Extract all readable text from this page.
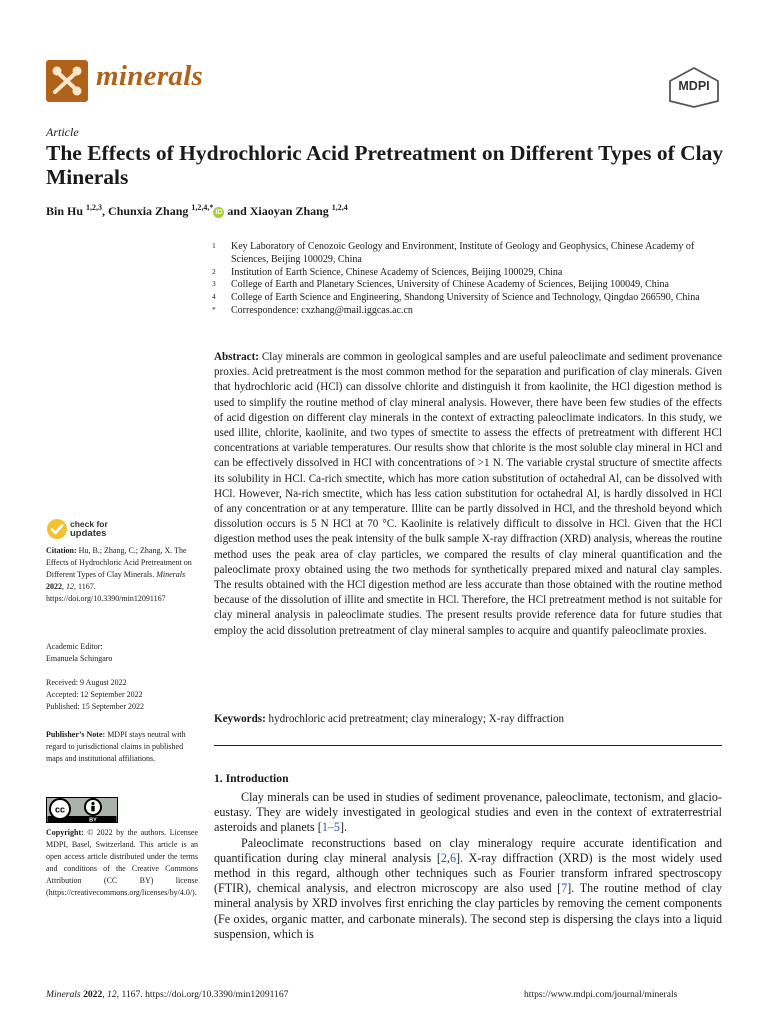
minerals	MDPI
Article
The Effects of Hydrochloric Acid Pretreatment on Different Types of Clay Minerals
Bin Hu $^{1,2,3}$, Chunxia Zhang $^{1,2,4,*}$iD and Xiaoyan Zhang $^{1,2,4}$
1	Key Laboratory of Cenozoic Geology and Environment, Institute of Geology and Geophysics, Chinese Academy of Sciences, Beijing 100029, China
2	Institution of Earth Science, Chinese Academy of Sciences, Beijing 100029, China
3	College of Earth and Planetary Sciences, University of Chinese Academy of Sciences, Beijing 100049, China
4	College of Earth Science and Engineering, Shandong University of Science and Technology, Qingdao 266590, China
*	Correspondence: cxzhang@mail.iggcas.ac.cn

Abstract: Clay minerals are common in geological samples and are useful paleoclimate and sediment provenance proxies. Acid pretreatment is the most common method for the separation and purification of clay minerals. Given that hydrochloric acid (HCl) can dissolve chlorite and distinguish it from kaolinite, the HCl digestion method is used to simplify the routine method of clay mineral analysis. However, there have been few studies of the effects of acid digestion on different clay minerals in the context of extracting paleoclimate indicators. In this study, we used illite, chlorite, kaolinite, and two types of smectite to assess the effects of pretreatment with different HCl concentrations at variable temperatures. Our results show that chlorite is the most soluble clay mineral in HCl and can be effectively dissolved in HCl with concentrations of >1 N. The variable crystal structure of smectite affects its solubility in HCl. Ca-rich smectite, which has more cation substitution of octahedral Al, can be dissolved with HCl. However, Na-rich smectite, which has less cation substitution for octahedral Al, is hardly dissolved in HCl of any concentration or at any temperature. Illite can be partly dissolved in HCl, and the threshold beyond which dissolution occurs is 5 N HCl at 70 °C. Kaolinite is relatively difficult to dissolve in HCl. Given that the HCl digestion method uses the peak intensity of the bulk sample X-ray diffraction (XRD) analysis, whereas the routine method uses the peak area of clay particles, we compared the results of clay mineral quantification and the paleoclimate proxy obtained using the two methods for synthetically prepared mixed and natural clay samples. The results obtained with the HCl digestion method are less accurate than those obtained with the routine method because of the dissolution of illite and smectite in HCl. Therefore, the HCl pretreatment method is not suitable for clay mineral analysis in paleoclimate studies. The present results provide reference data for future studies that employ the acid dissolution pretreatment of clay mineral samples to acquire and quantify paleoclimate proxies.

Keywords: hydrochloric acid pretreatment; clay mineralogy; X-ray diffraction

check for
updates

Citation: Hu, B.; Zhang, C.; Zhang, X. The Effects of Hydrochloric Acid Pretreatment on Different Types of Clay Minerals. Minerals 2022, 12, 1167. https://doi.org/10.3390/min12091167

Academic Editor:
Emanuela Schingaro

Received: 9 August 2022
Accepted: 12 September 2022
Published: 15 September 2022

Publisher’s Note: MDPI stays neutral with regard to jurisdictional claims in published maps and institutional affiliations.

cc
BY

Copyright: © 2022 by the authors. Licensee MDPI, Basel, Switzerland. This article is an open access article distributed under the terms and conditions of the Creative Commons Attribution (CC BY) license (https://creativecommons.org/licenses/by/4.0/).

1. Introduction

Clay minerals can be used in studies of sediment provenance, paleoclimate, tectonism, and glacio-eustasy. They are widely investigated in geological studies and even in the context of extraterrestrial asteroids and planets [1–5].

Paleoclimate reconstructions based on clay mineralogy require accurate identification and quantification during clay mineral analysis [2,6]. X-ray diffraction (XRD) is the most widely used method in this regard, although other techniques such as Fourier transform infrared spectroscopy (FTIR), chemical analysis, and electron microscopy are also used [7]. The routine method of clay mineral analysis by XRD involves first enriching the clay particles by removing the cement components (Fe oxides, organic matter, and carbonate minerals). The second step is dispersing the clays into a liquid suspension, which is

Minerals 2022, 12, 1167. https://doi.org/10.3390/min12091167	https://www.mdpi.com/journal/minerals
